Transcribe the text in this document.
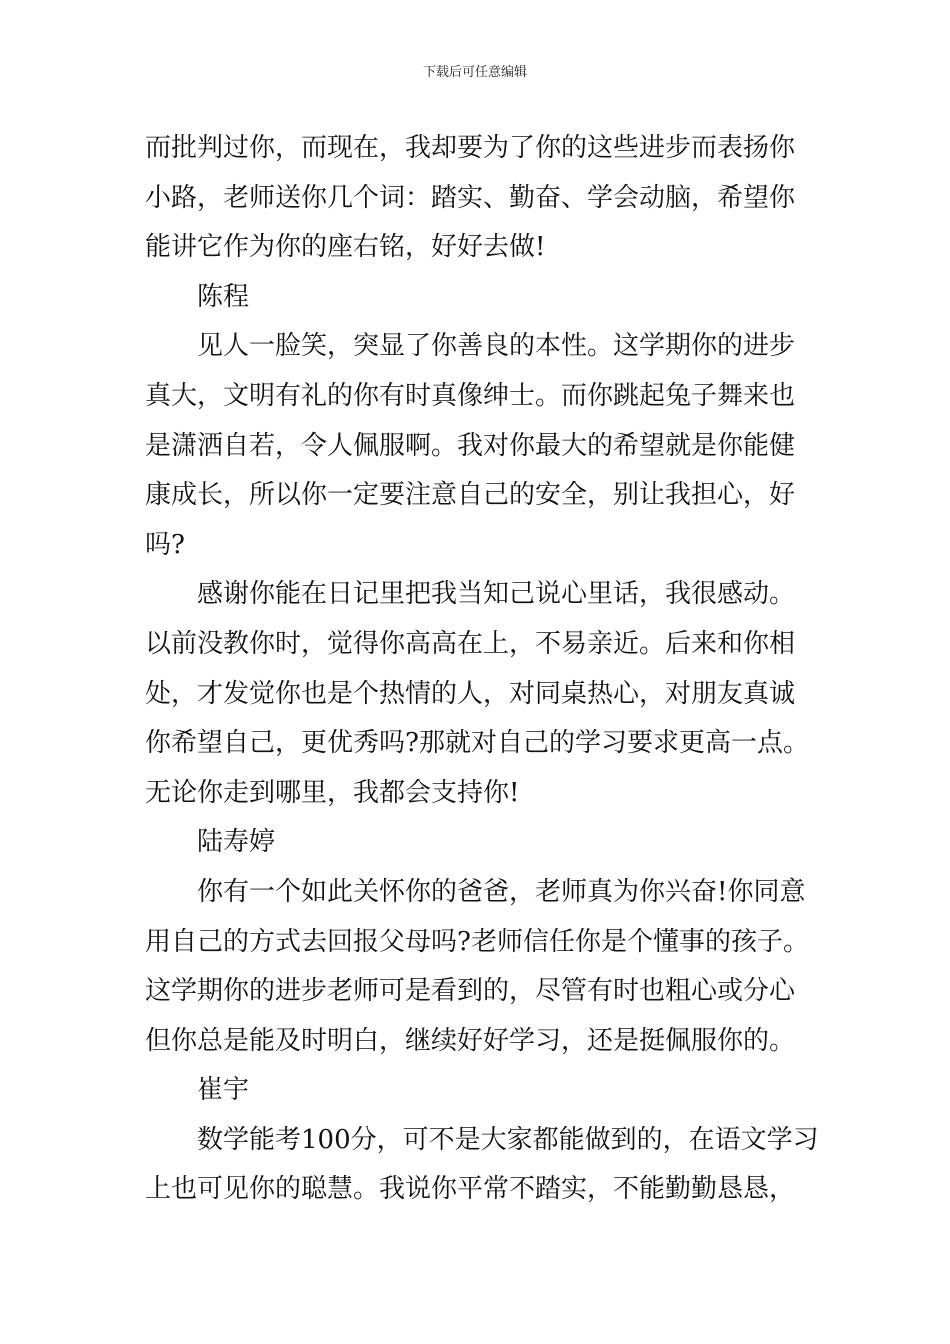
下载后可任意编辑
而批判过你，而现在，我却要为了你的这些进步而表扬你
小路，老师送你几个词：踏实、勤奋、学会动脑，希望你
能讲它作为你的座右铭，好好去做!
陈程
见人一脸笑，突显了你善良的本性。这学期你的进步
真大，文明有礼的你有时真像绅士。而你跳起兔子舞来也
是潇洒自若，令人佩服啊。我对你最大的希望就是你能健
康成长，所以你一定要注意自己的安全，别让我担心，好
吗?
感谢你能在日记里把我当知己说心里话，我很感动。
以前没教你时，觉得你高高在上，不易亲近。后来和你相
处，才发觉你也是个热情的人，对同桌热心，对朋友真诚
你希望自己，更优秀吗?那就对自己的学习要求更高一点。
无论你走到哪里，我都会支持你!
陆寿婷
你有一个如此关怀你的爸爸，老师真为你兴奋!你同意
用自己的方式去回报父母吗?老师信任你是个懂事的孩子。
这学期你的进步老师可是看到的，尽管有时也粗心或分心
但你总是能及时明白，继续好好学习，还是挺佩服你的。
崔宇
数学能考100分，可不是大家都能做到的，在语文学习
上也可见你的聪慧。我说你平常不踏实，不能勤勤恳恳，
